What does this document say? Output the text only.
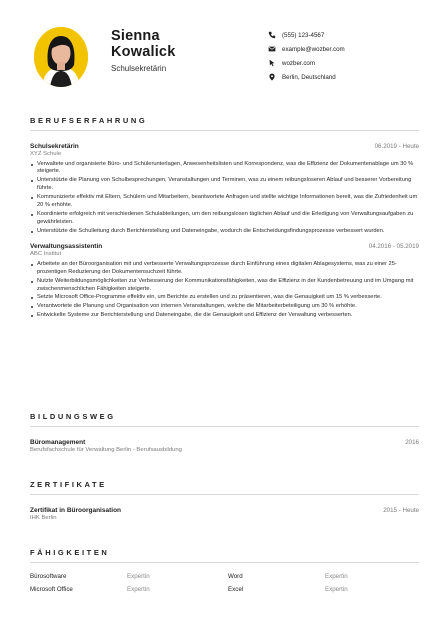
Sienna
Kowalick
Schulsekretärin
(555) 123-4567
example@wozber.com
wozber.com
Berlin, Deutschland
BERUFSERFAHRUNG
Schulsekretärin
XYZ Schule
06.2019 - Heute
Verwaltete und organisierte Büro- und Schülerunterlagen, Anwesenheitslisten und Korrespondenz, was die Effizienz der Dokumentenablage um 30 % steigerte.
Unterstützte die Planung von Schulbesprechungen, Veranstaltungen und Terminen, was zu einem reibungsloseren Ablauf und besserer Vorbereitung führte.
Kommunizierte effektiv mit Eltern, Schülern und Mitarbeitern, beantwortete Anfragen und stellte wichtige Informationen bereit, was die Zufriedenheit um 20 % erhöhte.
Koordinierte erfolgreich mit verschiedenen Schulabteilungen, um den reibungslosen täglichen Ablauf und die Erledigung von Verwaltungsaufgaben zu gewährleisten.
Unterstützte die Schulleitung durch Berichterstellung und Dateneingabe, wodurch die Entscheidungsfindungsprozesse verbessert wurden.
Verwaltungsassistentin
ABC Institut
04.2016 - 05.2019
Arbeitete an der Büroorganisation mit und verbesserte Verwaltungsprozesse durch Einführung eines digitalen Ablagesystems, was zu einer 25-prozentigen Reduzierung der Dokumentensuchzeit führte.
Nutzte Weiterbildungsmöglichkeiten zur Verbesserung der Kommunikationsfähigkeiten, was die Effizienz in der Kundenbetreuung und im Umgang mit zwischenmenschlichen Fähigkeiten steigerte.
Setzte Microsoft Office-Programme effektiv ein, um Berichte zu erstellen und zu präsentieren, was die Genauigkeit um 15 % verbesserte.
Verantwortete die Planung und Organisation von internen Veranstaltungen, welche die Mitarbeiterbeteiligung um 30 % erhöhte.
Entwickelte Systeme zur Berichterstellung und Dateneingabe, die die Genauigkeit und Effizienz der Verwaltung verbesserten.
BILDUNGSWEG
Büromanagement
Berufsfachschule für Verwaltung Berlin - Berufsausbildung
2016
ZERTIFIKATE
Zertifikat in Büroorganisation
IHK Berlin
2015 - Heute
FÄHIGKEITEN
Bürosoftware	Expertin	Word	Expertin
Microsoft Office	Expertin	Excel	Expertin
